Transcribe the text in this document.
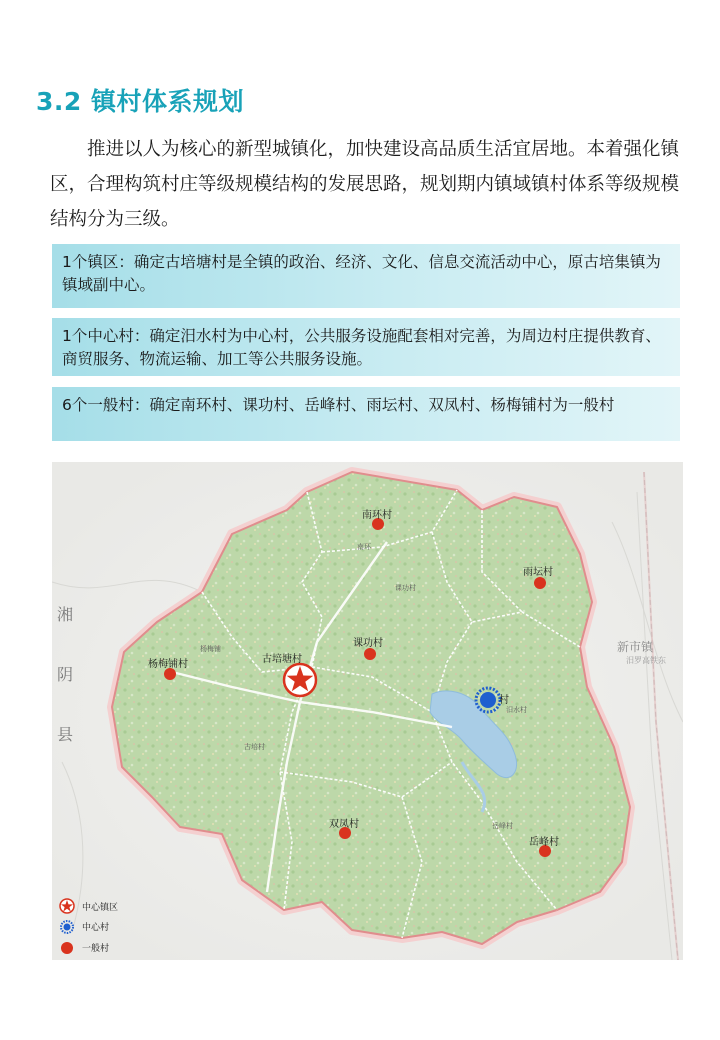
3.2 镇村体系规划

推进以人为核心的新型城镇化，加快建设高品质生活宜居地。本着强化镇区，合理构筑村庄等级规模结构的发展思路，规划期内镇域镇村体系等级规模结构分为三级。

1个镇区：确定古培塘村是全镇的政治、经济、文化、信息交流活动中心，原古培集镇为镇域副中心。
1个中心村：确定汨水村为中心村，公共服务设施配套相对完善，为周边村庄提供教育、商贸服务、物流运输、加工等公共服务设施。
6个一般村：确定南环村、课功村、岳峰村、雨坛村、双凤村、杨梅铺村为一般村
杨梅铺
课功村
古培村
汨水村
岳峰村
南环
湘
阴
县
新市镇
汨罗高铁东
古培塘村
村
南环村
雨坛村
课功村
杨梅铺村
双凤村
岳峰村
中心镇区
中心村
一般村
